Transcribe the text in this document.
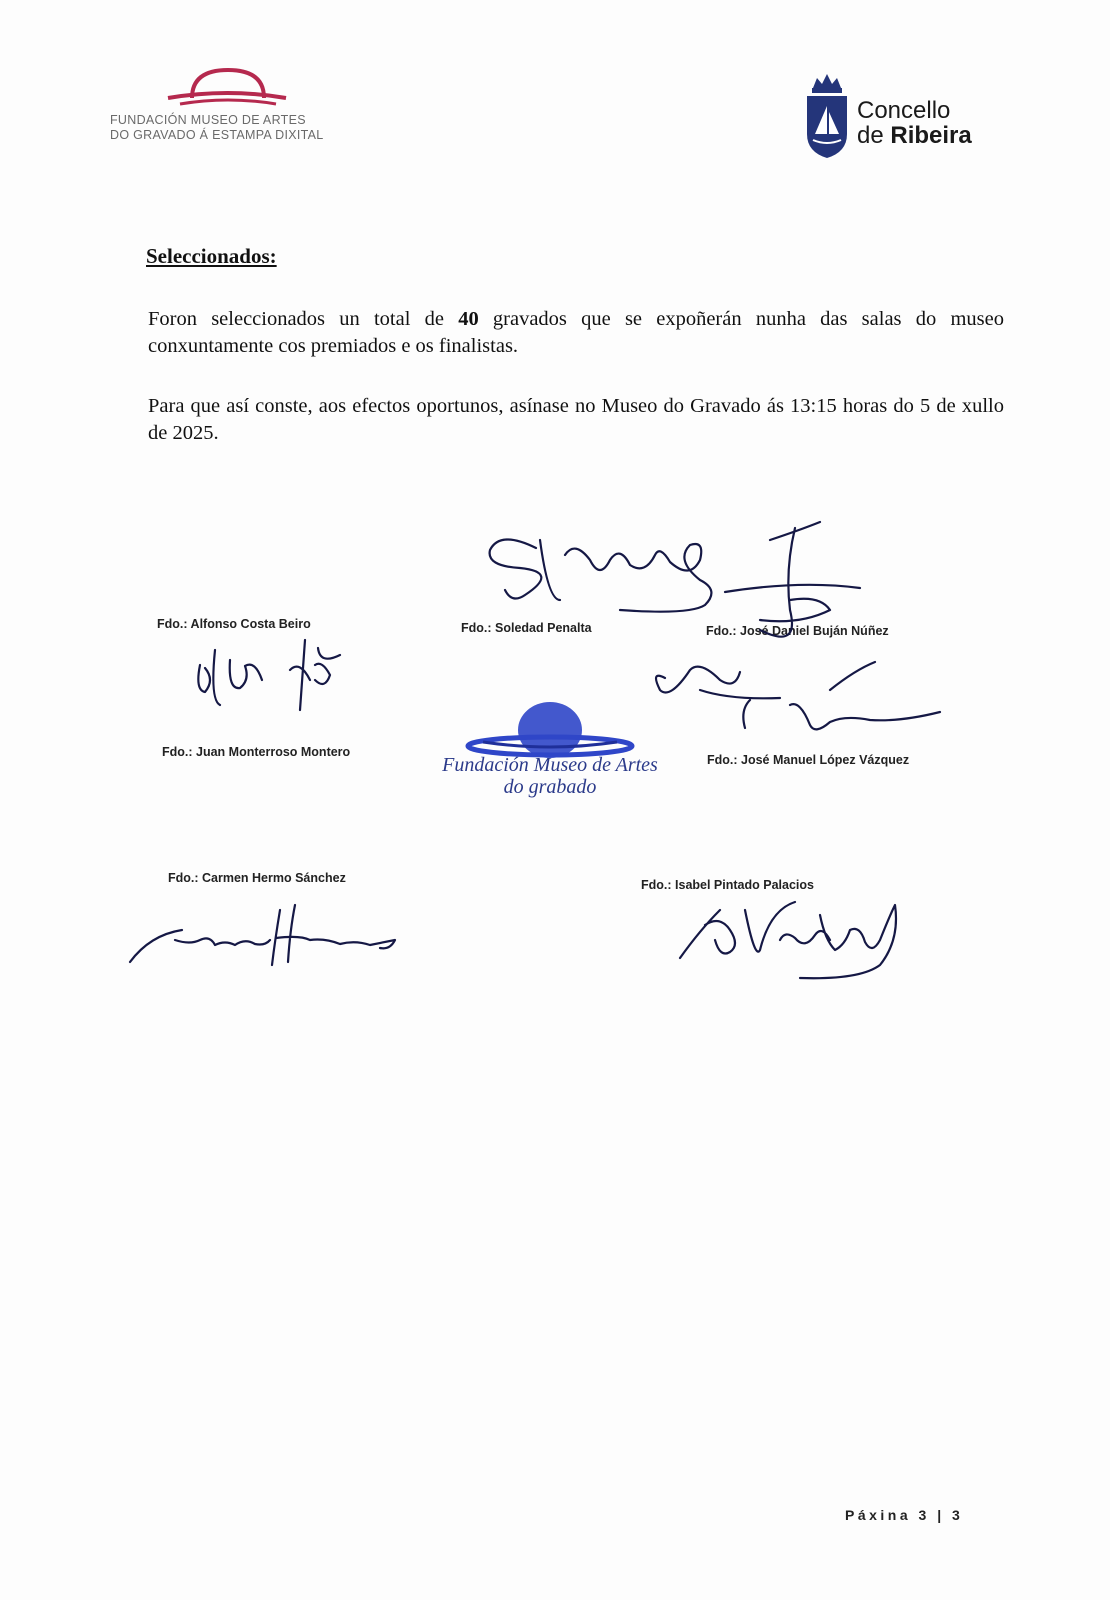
FUNDACIÓN MUSEO DE ARTES
DO GRAVADO Á ESTAMPA DIXITAL
Concello
de Ribeira
Seleccionados:
Foron seleccionados un total de 40 gravados que se expoñerán nunha das salas do museo conxuntamente cos premiados e os finalistas.
Para que así conste, aos efectos oportunos, asínase no Museo do Gravado ás 13:15 horas do 5 de xullo de 2025.
Fdo.: Alfonso Costa Beiro	Fdo.: Soledad Penalta	Fdo.: José Daniel Buján Núñez
Fdo.: Juan Monterroso Montero
Fdo.: José Manuel López Vázquez
Fdo.: Carmen Hermo Sánchez	Fdo.: Isabel Pintado Palacios
Fundación Museo de Artes
do grabado
Páxina 3 | 3
